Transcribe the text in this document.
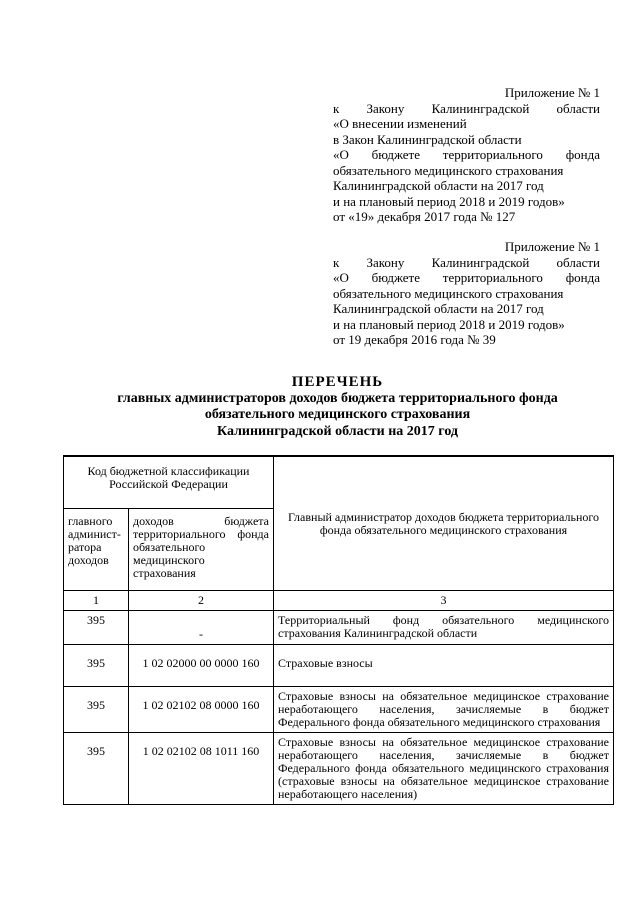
Приложение № 1
к Закону Калининградской области
«О внесении изменений
в Закон Калининградской области
«О бюджете территориального фонда
обязательного медицинского страхования
Калининградской области на 2017 год
и на плановый период 2018 и 2019 годов»
от «19» декабря 2017 года № 127
Приложение № 1
к Закону Калининградской области
«О бюджете территориального фонда
обязательного медицинского страхования
Калининградской области на 2017 год
и на плановый период 2018 и 2019 годов»
от 19 декабря 2016 года № 39
ПЕРЕЧЕНЬ
главных администраторов доходов бюджета территориального фонда
обязательного медицинского страхования
Калининградской области на 2017 год
Код бюджетной классификации Российской Федерации		Главный администратор доходов бюджета территориального фонда обязательного медицинского страхования
главного админист-ратора доходов	доходов бюджета территориального фонда обязательного медицинского страхования	
1	2	3
395	-	Территориальный фонд обязательного медицинского страхования Калининградской области
395	1 02 02000 00 0000 160	Страховые взносы
395	1 02 02102 08 0000 160	Страховые взносы на обязательное медицинское страхование неработающего населения, зачисляемые в бюджет Федерального фонда обязательного медицинского страхования
395	1 02 02102 08 1011 160	Страховые взносы на обязательное медицинское страхование неработающего населения, зачисляемые в бюджет Федерального фонда обязательного медицинского страхования (страховые взносы на обязательное медицинское страхование неработающего населения)
